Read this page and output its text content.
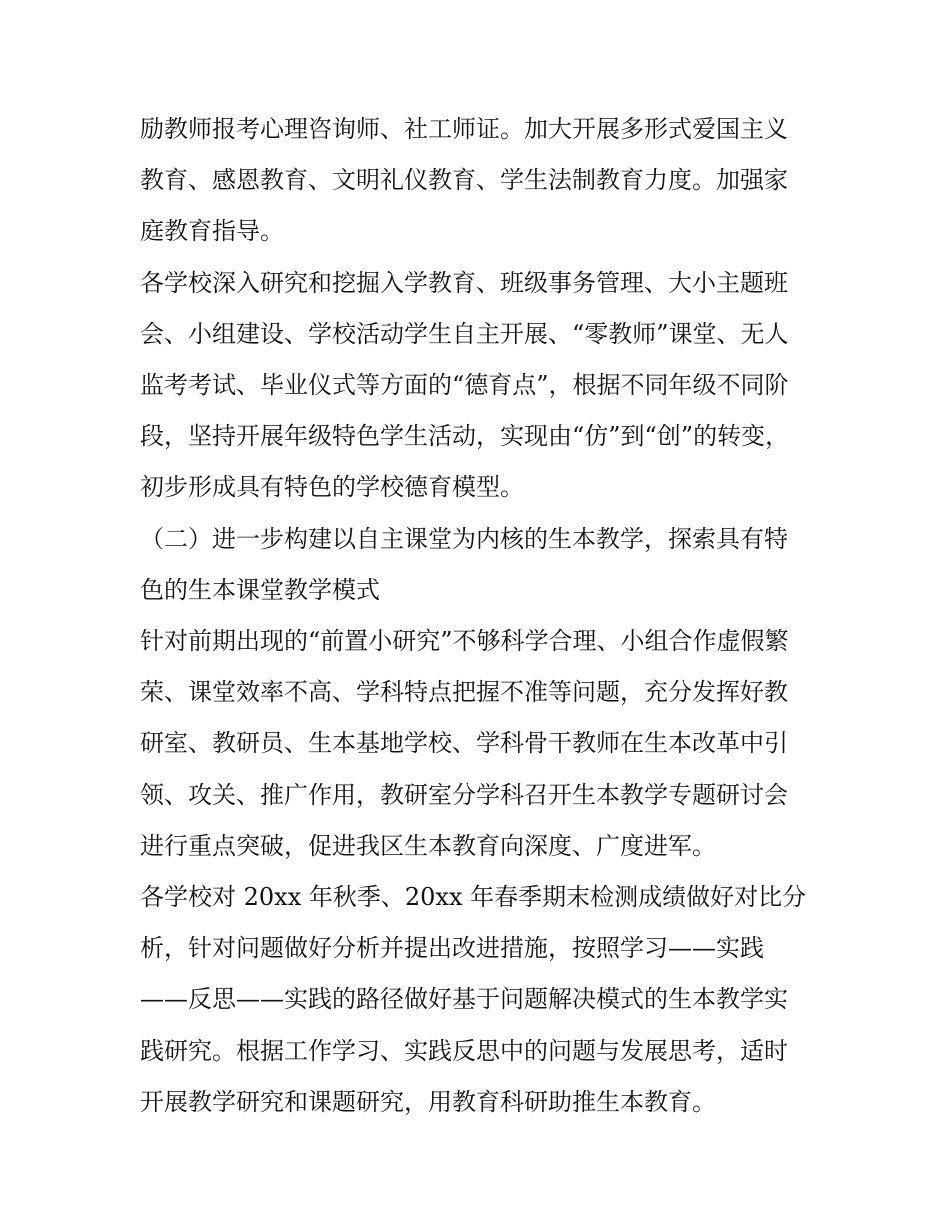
励教师报考心理咨询师、社工师证。加大开展多形式爱国主义

教育、感恩教育、文明礼仪教育、学生法制教育力度。加强家

庭教育指导。

各学校深入研究和挖掘入学教育、班级事务管理、大小主题班

会、小组建设、学校活动学生自主开展、“零教师”课堂、无人

监考考试、毕业仪式等方面的“德育点”，根据不同年级不同阶

段，坚持开展年级特色学生活动，实现由“仿”到“创”的转变，

初步形成具有特色的学校德育模型。

（二）进一步构建以自主课堂为内核的生本教学，探索具有特

色的生本课堂教学模式

针对前期出现的“前置小研究”不够科学合理、小组合作虚假繁

荣、课堂效率不高、学科特点把握不准等问题，充分发挥好教

研室、教研员、生本基地学校、学科骨干教师在生本改革中引

领、攻关、推广作用，教研室分学科召开生本教学专题研讨会

进行重点突破，促进我区生本教育向深度、广度进军。

各学校对 20xx 年秋季、20xx 年春季期末检测成绩做好对比分

析，针对问题做好分析并提出改进措施，按照学习——实践

——反思——实践的路径做好基于问题解决模式的生本教学实

践研究。根据工作学习、实践反思中的问题与发展思考，适时

开展教学研究和课题研究，用教育科研助推生本教育。
